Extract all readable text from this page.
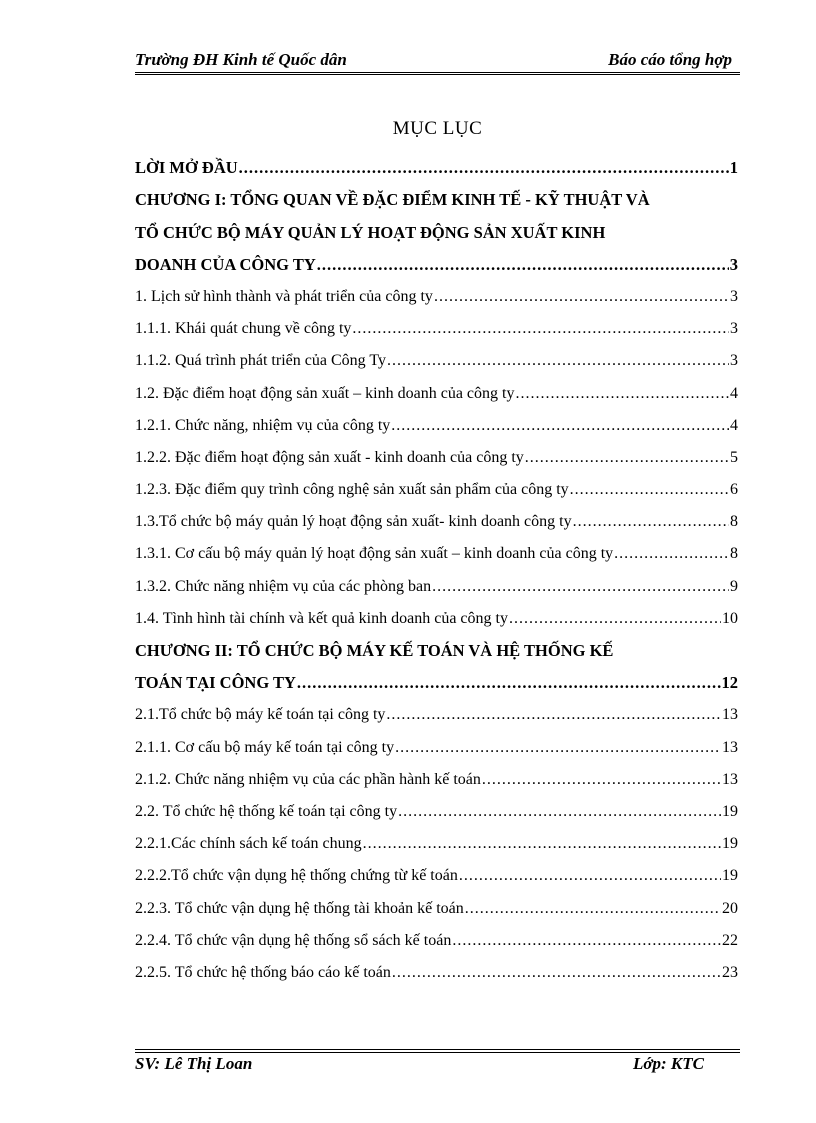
Trường ĐH Kinh tế Quốc dân	Báo cáo tổng hợp
MỤC LỤC
LỜI MỞ ĐẦU .....	1
CHƯƠNG I: TỔNG QUAN VỀ ĐẶC ĐIỂM KINH TẾ - KỸ THUẬT VÀ
TỔ CHỨC BỘ MÁY QUẢN LÝ HOẠT ĐỘNG SẢN XUẤT KINH
DOANH CỦA CÔNG TY .....	3
1. Lịch sử hình thành và phát triển của công ty .....	3
1.1.1. Khái quát chung về công ty .....	3
1.1.2. Quá trình phát triển của Công Ty .....	3
1.2. Đặc điểm hoạt động sản xuất – kinh doanh của công ty .....	4
1.2.1. Chức năng, nhiệm vụ của công ty .....	4
1.2.2. Đặc điểm hoạt động sản xuất - kinh doanh của công ty .....	5
1.2.3. Đặc điểm quy trình công nghệ sản xuất sản phẩm của công ty .....	6
1.3.Tổ chức bộ máy quản lý hoạt động sản xuất- kinh doanh công ty .....	8
1.3.1. Cơ cấu bộ máy quản lý hoạt động sản xuất – kinh doanh của công ty .....	8
1.3.2. Chức năng nhiệm vụ của các phòng ban .....	9
1.4. Tình hình tài chính và kết quả kinh doanh của công ty .....	10
CHƯƠNG II: TỔ CHỨC BỘ MÁY KẾ TOÁN VÀ HỆ THỐNG KẾ
TOÁN TẠI CÔNG TY .....	12
2.1.Tổ chức bộ máy kế toán tại công ty .....	13
2.1.1. Cơ cấu bộ máy kế toán tại công ty .....	13
2.1.2. Chức năng nhiệm vụ của các phần hành kế toán .....	13
2.2. Tổ chức hệ thống kế toán tại công ty .....	19
2.2.1.Các chính sách kế toán chung .....	19
2.2.2.Tổ chức vận dụng hệ thống chứng từ kế toán .....	19
2.2.3. Tổ chức vận dụng hệ thống tài khoản kế toán .....	20
2.2.4. Tổ chức vận dụng hệ thống sổ sách kế toán .....	22
2.2.5. Tổ chức hệ thống báo cáo kế toán .....	23
SV: Lê Thị Loan	Lớp: KTC
